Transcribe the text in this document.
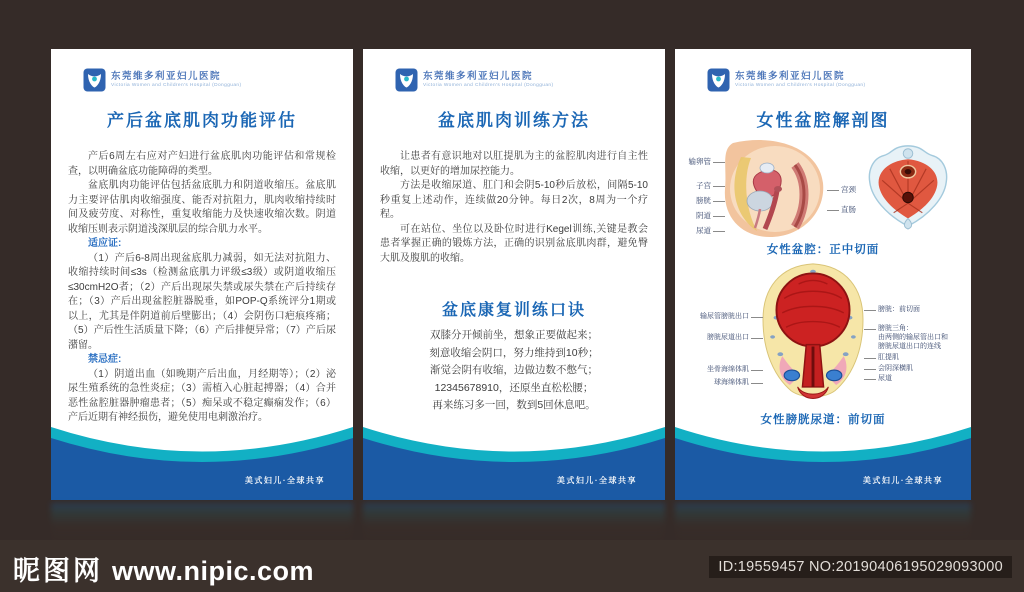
东莞维多利亚妇儿医院
Victoria Women and Children's Hospital (Dongguan)
产后盆底肌肉功能评估

产后6周左右应对产妇进行盆底肌肉功能评估和常规检查，以明确盆底功能障碍的类型。

盆底肌肉功能评估包括盆底肌力和阴道收缩压。盆底肌力主要评估肌肉收缩强度、能否对抗阻力，肌肉收缩持续时间及疲劳度、对称性，重复收缩能力及快速收缩次数。阴道收缩压则表示阴道浅深肌层的综合肌力水平。

适应证:

（1）产后6-8周出现盆底肌力减弱，如无法对抗阻力、收缩持续时间≤3s（检测盆底肌力评级≤3级）或阴道收缩压≤30cmH2O者；（2）产后出现尿失禁或尿失禁在产后持续存在；（3）产后出现盆腔脏器脱垂，如POP-Q系统评分1期或以上，尤其是伴阴道前后壁膨出；（4）会阴伤口疤痕疼痛；（5）产后性生活质量下降；（6）产后排便异常；（7）产后尿潴留。

禁忌症:

（1）阴道出血（如晚期产后出血，月经期等）；（2）泌尿生殖系统的急性炎症；（3）需植入心脏起搏器；（4）合并恶性盆腔脏器肿瘤患者；（5）痴呆或不稳定癫痫发作；（6）产后近期有神经损伤，避免使用电刺激治疗。

美式妇儿·全球共享
东莞维多利亚妇儿医院
Victoria Women and Children's Hospital (Dongguan)
盆底肌肉训练方法

让患者有意识地对以肛提肌为主的盆腔肌肉进行自主性收缩，以更好的增加尿控能力。

方法是收缩尿道、肛门和会阴5-10秒后放松，间隔5-10秒重复上述动作，连续做20分钟。每日2次，8周为一个疗程。

可在站位、坐位以及卧位时进行Kegel训练,关键是教会患者掌握正确的锻炼方法，正确的识别盆底肌肉群，避免臀大肌及腹肌的收缩。

盆底康复训练口诀
双膝分开倾前坐，想象正要做起来；
刻意收缩会阴口，努力维持到10秒；
渐觉会阴有收缩，边做边数不憋气；
12345678910，还原坐直松松腰；
再来练习多一回，数到5回休息吧。
美式妇儿·全球共享
东莞维多利亚妇儿医院
Victoria Women and Children's Hospital (Dongguan)
女性盆腔解剖图
输卵管
子宫
膀胱
阴道
尿道
宫颈
直肠
女性盆腔：正中切面
输尿管膀胱出口
膀胱尿道出口
坐骨海绵体肌
球海绵体肌
膀胱：前切面
膀胱三角：
由两侧的输尿管出口和
膀胱尿道出口的连线
肛提肌
会阴深横肌
尿道
女性膀胱尿道：前切面
美式妇儿·全球共享
昵图网 www.nipic.com	ID:19559457 NO:20190406195029093000
